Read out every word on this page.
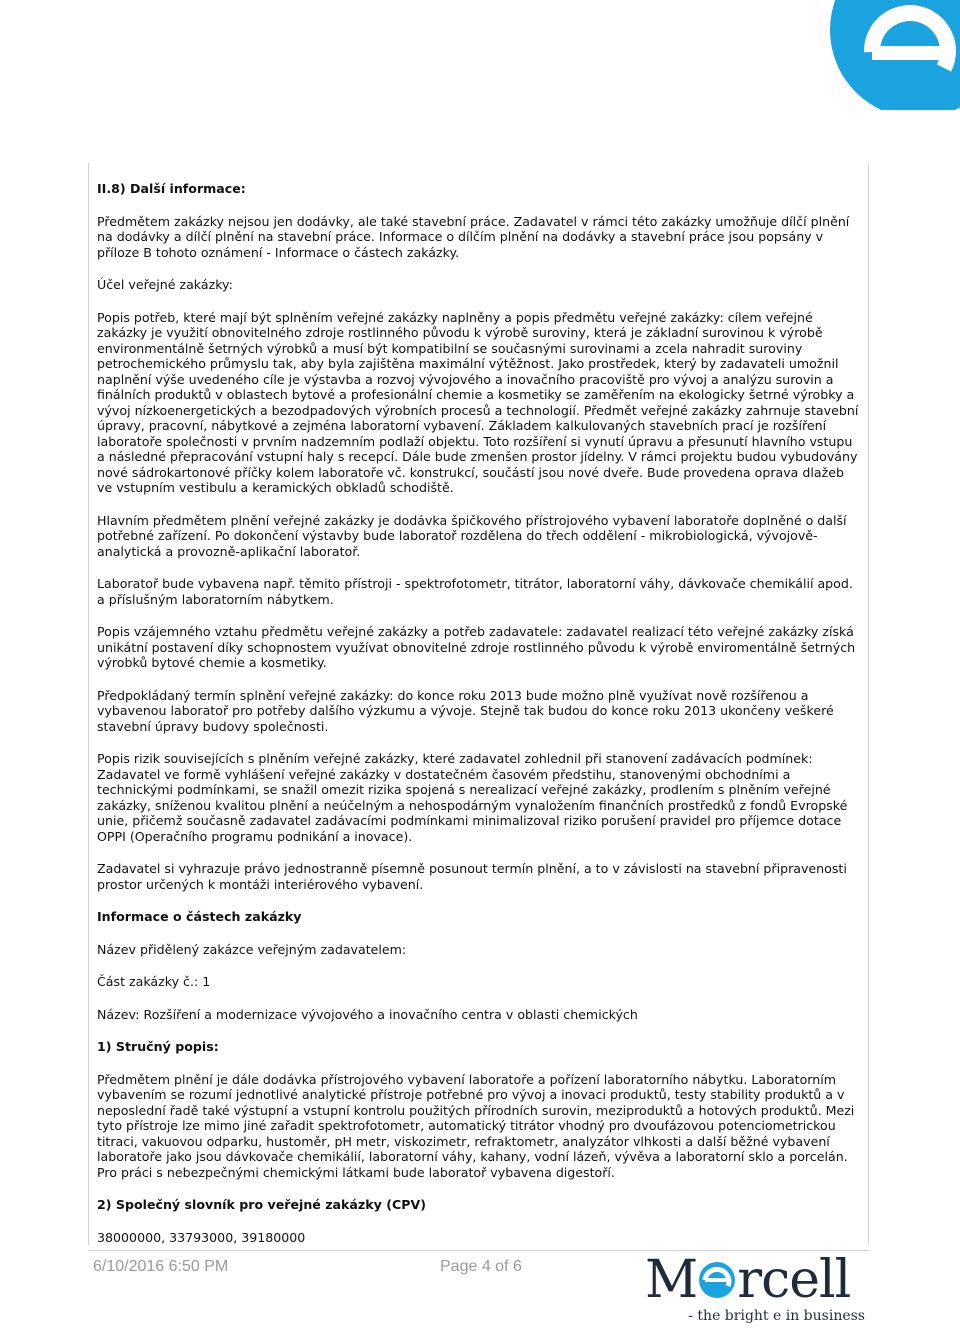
II.8) Další informace:

Předmětem zakázky nejsou jen dodávky, ale také stavební práce. Zadavatel v rámci této zakázky umožňuje dílčí plnění na dodávky a dílčí plnění na stavební práce. Informace o dílčím plnění na dodávky a stavební práce jsou popsány v příloze B tohoto oznámení - Informace o částech zakázky.

Účel veřejné zakázky:

Popis potřeb, které mají být splněním veřejné zakázky naplněny a popis předmětu veřejné zakázky: cílem veřejné zakázky je využití obnovitelného zdroje rostlinného původu k výrobě suroviny, která je základní surovinou k výrobě environmentálně šetrných výrobků a musí být kompatibilní se současnými surovinami a zcela nahradit suroviny petrochemického průmyslu tak, aby byla zajištěna maximální výtěžnost. Jako prostředek, který by zadavateli umožnil naplnění výše uvedeného cíle je výstavba a rozvoj vývojového a inovačního pracoviště pro vývoj a analýzu surovin a finálních produktů v oblastech bytové a profesionální chemie a kosmetiky se zaměřením na ekologicky šetrné výrobky a vývoj nízkoenergetických a bezodpadových výrobních procesů a technologií. Předmět veřejné zakázky zahrnuje stavební úpravy, pracovní, nábytkové a zejména laboratorní vybavení. Základem kalkulovaných stavebních prací je rozšíření laboratoře společnosti v prvním nadzemním podlaží objektu. Toto rozšíření si vynutí úpravu a přesunutí hlavního vstupu a následné přepracování vstupní haly s recepcí. Dále bude zmenšen prostor jídelny. V rámci projektu budou vybudovány nové sádrokartonové příčky kolem laboratoře vč. konstrukcí, součástí jsou nové dveře. Bude provedena oprava dlažeb ve vstupním vestibulu a keramických obkladů schodiště.

Hlavním předmětem plnění veřejné zakázky je dodávka špičkového přístrojového vybavení laboratoře doplněné o další potřebné zařízení. Po dokončení výstavby bude laboratoř rozdělena do třech oddělení - mikrobiologická, vývojově-analytická a provozně-aplikační laboratoř.

Laboratoř bude vybavena např. těmito přístroji - spektrofotometr, titrátor, laboratorní váhy, dávkovače chemikálií apod. a příslušným laboratorním nábytkem.

Popis vzájemného vztahu předmětu veřejné zakázky a potřeb zadavatele: zadavatel realizací této veřejné zakázky získá unikátní postavení díky schopnostem využívat obnovitelné zdroje rostlinného původu k výrobě enviromentálně šetrných výrobků bytové chemie a kosmetiky.

Předpokládaný termín splnění veřejné zakázky: do konce roku 2013 bude možno plně využívat nově rozšířenou a vybavenou laboratoř pro potřeby dalšího výzkumu a vývoje. Stejně tak budou do konce roku 2013 ukončeny veškeré stavební úpravy budovy společnosti.

Popis rizik souvisejících s plněním veřejné zakázky, které zadavatel zohlednil při stanovení zadávacích podmínek: Zadavatel ve formě vyhlášení veřejné zakázky v dostatečném časovém předstihu, stanovenými obchodními a technickými podmínkami, se snažil omezit rizika spojená s nerealizací veřejné zakázky, prodlením s plněním veřejné zakázky, sníženou kvalitou plnění a neúčelným a nehospodárným vynaložením finančních prostředků z fondů Evropské unie, přičemž současně zadavatel zadávacími podmínkami minimalizoval riziko porušení pravidel pro příjemce dotace OPPI (Operačního programu podnikání a inovace).

Zadavatel si vyhrazuje právo jednostranně písemně posunout termín plnění, a to v závislosti na stavební připravenosti prostor určených k montáži interiérového vybavení.

Informace o částech zakázky

Název přidělený zakázce veřejným zadavatelem:

Část zakázky č.: 1

Název: Rozšíření a modernizace vývojového a inovačního centra v oblasti chemických

1) Stručný popis:

Předmětem plnění je dále dodávka přístrojového vybavení laboratoře a pořízení laboratorního nábytku. Laboratorním vybavením se rozumí jednotlivé analytické přístroje potřebné pro vývoj a inovaci produktů, testy stability produktů a v neposlední řadě také výstupní a vstupní kontrolu použitých přírodních surovin, meziproduktů a hotových produktů. Mezi tyto přístroje lze mimo jiné zařadit spektrofotometr, automatický titrátor vhodný pro dvoufázovou potenciometrickou titraci, vakuovou odparku, hustoměr, pH metr, viskozimetr, refraktometr, analyzátor vlhkosti a další běžné vybavení laboratoře jako jsou dávkovače chemikálií, laboratorní váhy, kahany, vodní lázeň, vývěva a laboratorní sklo a porcelán. Pro práci s nebezpečnými chemickými látkami bude laboratoř vybavena digestoří.

2) Společný slovník pro veřejné zakázky (CPV)

38000000, 33793000, 39180000

6/10/2016 6:50 PM	Page 4 of 6 M rcell
- the bright e in business
